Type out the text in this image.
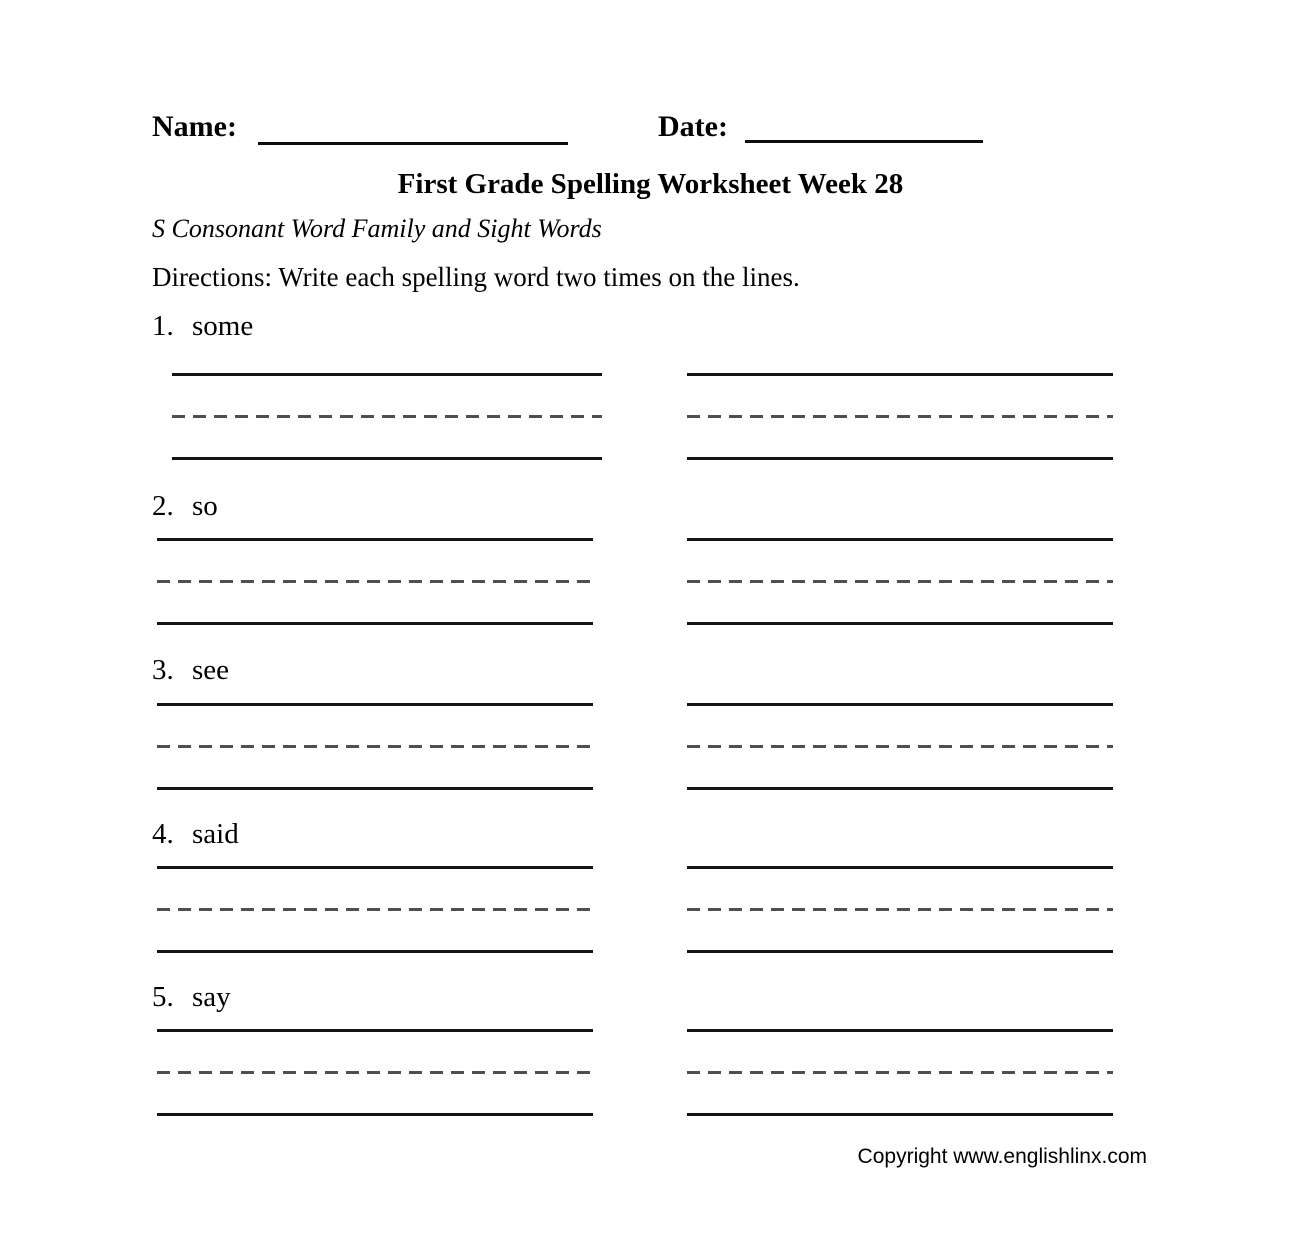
Name:	Date:
First Grade Spelling Worksheet Week 28
S Consonant Word Family and Sight Words
Directions: Write each spelling word two times on the lines.
1. some
2. so
3. see
4. said
5. say
Copyright www.englishlinx.com
